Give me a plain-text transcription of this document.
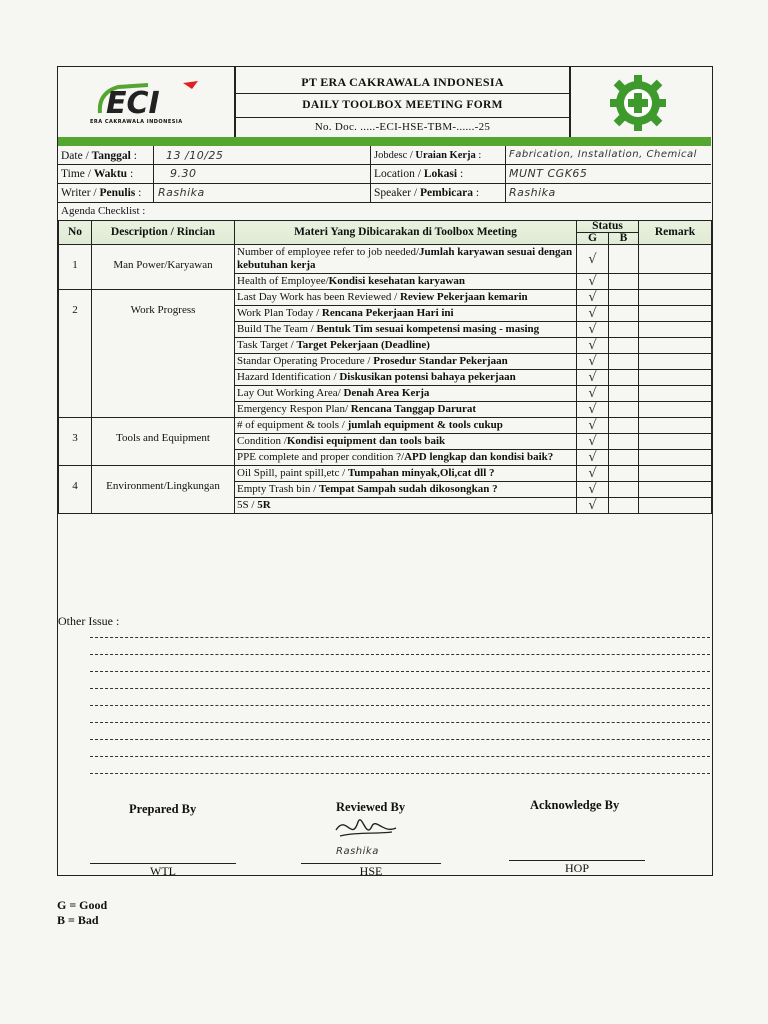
ECI
ERA CAKRAWALA INDONESIA
PT ERA CAKRAWALA INDONESIA
DAILY TOOLBOX MEETING FORM
No. Doc. .....-ECI-HSE-TBM-......-25
Date / Tanggal :	13 /10/25
Time / Waktu :	9.30
Writer / Penulis : Rashika
Jobdesc / Uraian Kerja :	Fabrication, Installation, Chemical
Location / Lokasi :	MUNT CGK65
Speaker / Pembicara :	Rashika
Agenda Checklist :
No	Description / Rincian	Materi Yang Dibicarakan di Toolbox Meeting	Status		Remark
			G	B	
1	Man Power/Karyawan	Number of employee refer to job needed/Jumlah karyawan sesuai dengan kebutuhan kerja	√		
		Health of Employee/Kondisi kesehatan karyawan	√		
2	Work Progress	Last Day Work has been Reviewed / Review Pekerjaan kemarin	√		
		Work Plan Today / Rencana Pekerjaan Hari ini	√		
		Build The Team / Bentuk Tim sesuai kompetensi masing - masing	√		
		Task Target / Target Pekerjaan (Deadline)	√		
		Standar Operating Procedure / Prosedur Standar Pekerjaan	√		
		Hazard Identification / Diskusikan potensi bahaya pekerjaan	√		
		Lay Out Working Area/ Denah Area Kerja	√		
		Emergency Respon Plan/ Rencana Tanggap Darurat	√		
3	Tools and Equipment	# of equipment & tools / jumlah equipment & tools cukup	√		
		Condition /Kondisi equipment dan tools baik	√		
		PPE complete and proper condition ?/APD lengkap dan kondisi baik?	√		
4	Environment/Lingkungan	Oil Spill, paint spill,etc / Tumpahan minyak,Oli,cat dll ?	√		
		Empty Trash bin / Tempat Sampah sudah dikosongkan ?	√		
		5S / 5R	√		
Other Issue :
Prepared By	Reviewed By	Acknowledge By
Rashika
WTL	HSE	HOP
G = Good
B = Bad
